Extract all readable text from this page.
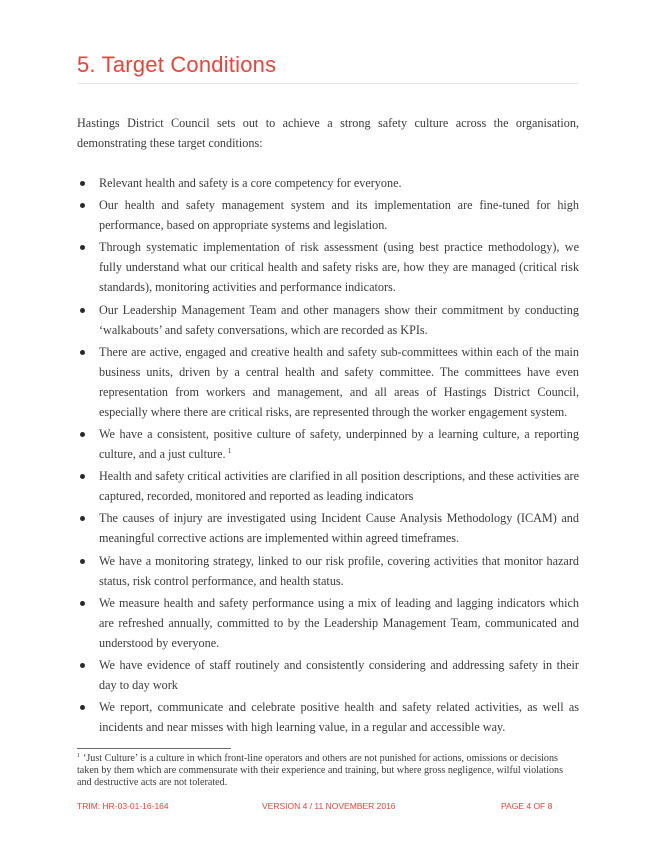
5. Target Conditions

Hastings District Council sets out to achieve a strong safety culture across the organisation, demonstrating these target conditions:

Relevant health and safety is a core competency for everyone.
Our health and safety management system and its implementation are fine-tuned for high performance, based on appropriate systems and legislation.
Through systematic implementation of risk assessment (using best practice methodology), we fully understand what our critical health and safety risks are, how they are managed (critical risk standards), monitoring activities and performance indicators.
Our Leadership Management Team and other managers show their commitment by conducting ‘walkabouts’ and safety conversations, which are recorded as KPIs.
There are active, engaged and creative health and safety sub-committees within each of the main business units, driven by a central health and safety committee. The committees have even representation from workers and management, and all areas of Hastings District Council, especially where there are critical risks, are represented through the worker engagement system.
We have a consistent, positive culture of safety, underpinned by a learning culture, a reporting culture, and a just culture. $^1$
Health and safety critical activities are clarified in all position descriptions, and these activities are captured, recorded, monitored and reported as leading indicators
The causes of injury are investigated using Incident Cause Analysis Methodology (ICAM) and meaningful corrective actions are implemented within agreed timeframes.
We have a monitoring strategy, linked to our risk profile, covering activities that monitor hazard status, risk control performance, and health status.
We measure health and safety performance using a mix of leading and lagging indicators which are refreshed annually, committed to by the Leadership Management Team, communicated and understood by everyone.
We have evidence of staff routinely and consistently considering and addressing safety in their day to day work
We report, communicate and celebrate positive health and safety related activities, as well as incidents and near misses with high learning value, in a regular and accessible way.

$^1$ ‘Just Culture’ is a culture in which front-line operators and others are not punished for actions, omissions or decisions taken by them which are commensurate with their experience and training, but where gross negligence, wilful violations and destructive acts are not tolerated.

TRIM: HR-03-01-16-164	VERSION 4 / 11 NOVEMBER 2016	PAGE 4 OF 8
